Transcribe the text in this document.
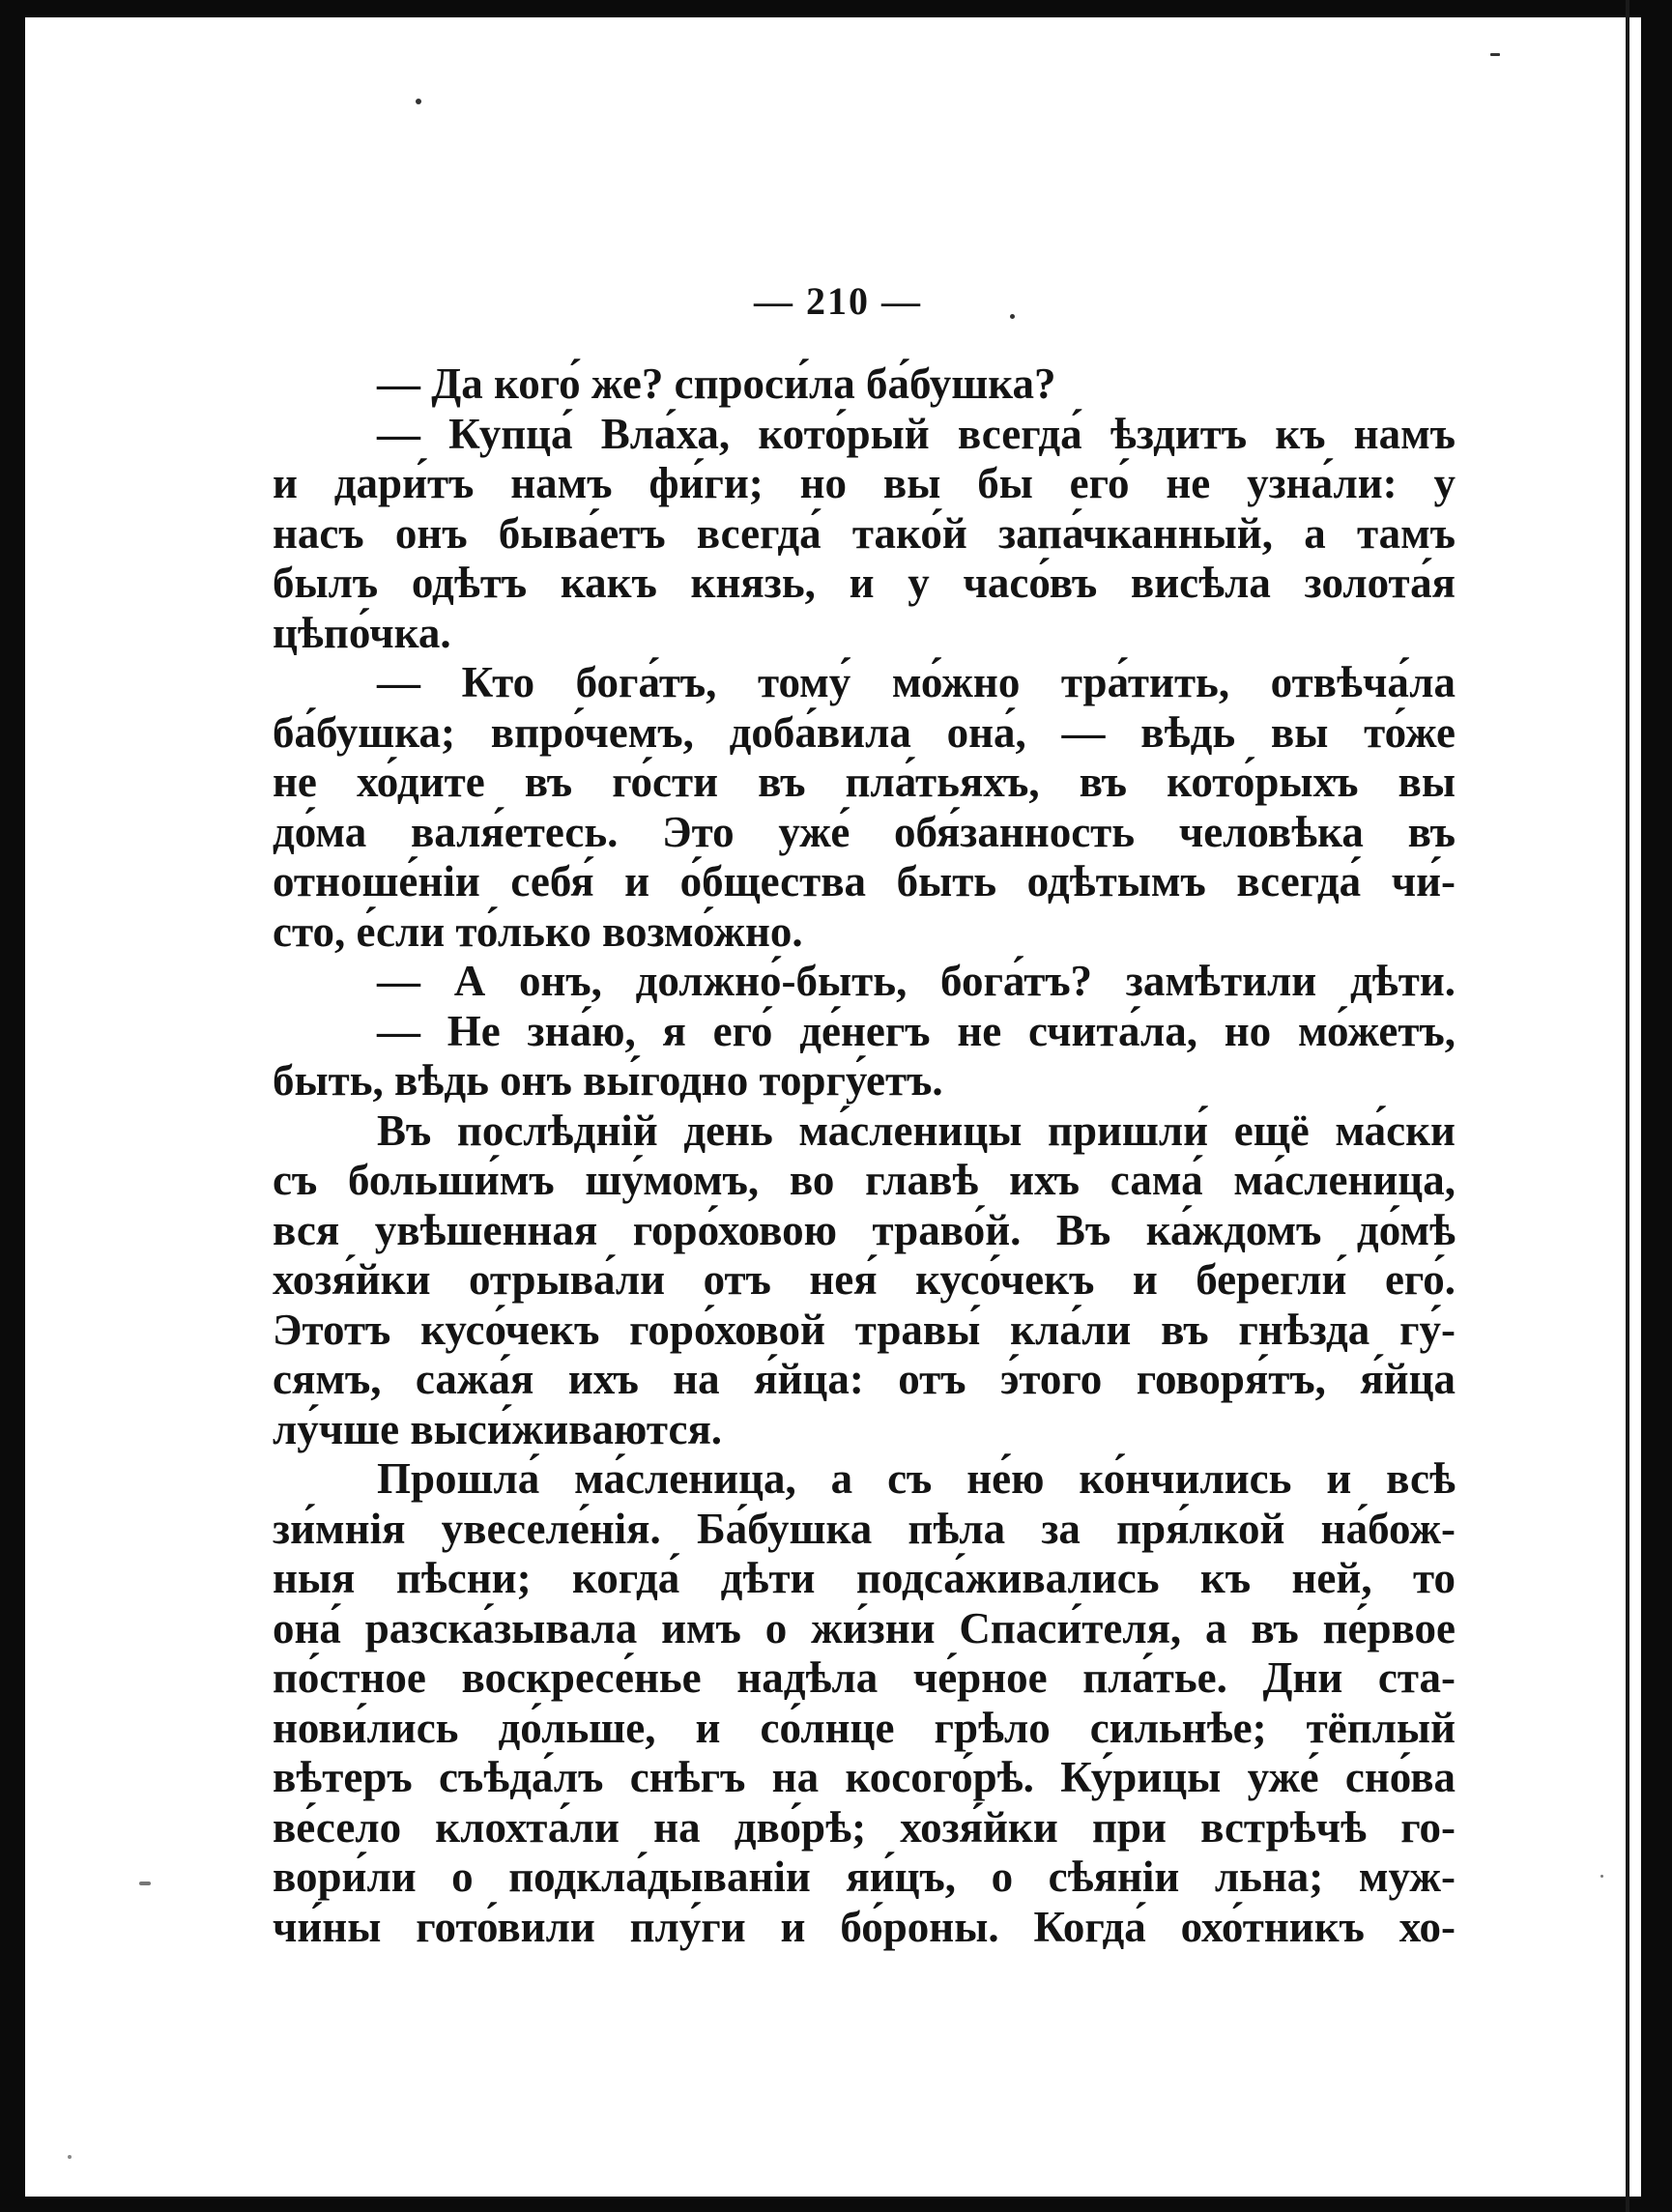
— 210 —
— Да кого́ же? спроси́ла ба́бушка?
— Купца́ Вла́ха, кото́рый всегда́ ѣздитъ къ намъ
и дари́тъ намъ фи́ги; но вы бы его́ не узна́ли: у
насъ онъ быва́етъ всегда́ тако́й запа́чканный, а тамъ
былъ одѣтъ какъ князь, и у часо́въ висѣла золота́я
цѣпо́чка.
— Кто бога́тъ, тому́ мо́жно тра́тить, отвѣча́ла
ба́бушка; впро́чемъ, доба́вила она́, — вѣдь вы то́же
не хо́дите въ го́сти въ пла́тьяхъ, въ кото́рыхъ вы
до́ма валя́етесь. Это уже́ обя́занность человѣка въ
отноше́ніи себя́ и о́бщества быть одѣтымъ всегда́ чи́-
сто, е́сли то́лько возмо́жно.
— А онъ, должно́-быть, бога́тъ? замѣтили дѣти.
— Не зна́ю, я его́ де́негъ не счита́ла, но мо́жетъ,
быть, вѣдь онъ вы́годно торгу́етъ.
Въ послѣдній день ма́сленицы пришли́ ещё ма́ски
съ больши́мъ шу́момъ, во главѣ ихъ сама́ ма́сленица,
вся увѣшенная горо́ховою траво́й. Въ ка́ждомъ до́мѣ
хозя́йки отрыва́ли отъ нея́ кусо́чекъ и берегли́ его́.
Этотъ кусо́чекъ горо́ховой травы́ кла́ли въ гнѣзда гу́-
сямъ, сажа́я ихъ на я́йца: отъ э́того говоря́тъ, я́йца
лу́чше выси́живаются.
Прошла́ ма́сленица, а съ не́ю ко́нчились и всѣ
зи́мнія увеселе́нія. Ба́бушка пѣла за пря́лкой на́бож-
ныя пѣсни; когда́ дѣти подса́живались къ ней, то
она́ разска́зывала имъ о жи́зни Спаси́теля, а въ пе́рвое
по́стное воскресе́нье надѣла че́рное пла́тье. Дни ста-
нови́лись до́льше, и со́лнце грѣло сильнѣе; тёплый
вѣтеръ съѣда́лъ снѣгъ на косого́рѣ. Ку́рицы уже́ сно́ва
ве́село клохта́ли на дво́рѣ; хозя́йки при встрѣчѣ го-
вори́ли о подкла́дываніи яи́цъ, о сѣяніи льна; муж-
чи́ны гото́вили плу́ги и бо́роны. Когда́ охо́тникъ хо-
